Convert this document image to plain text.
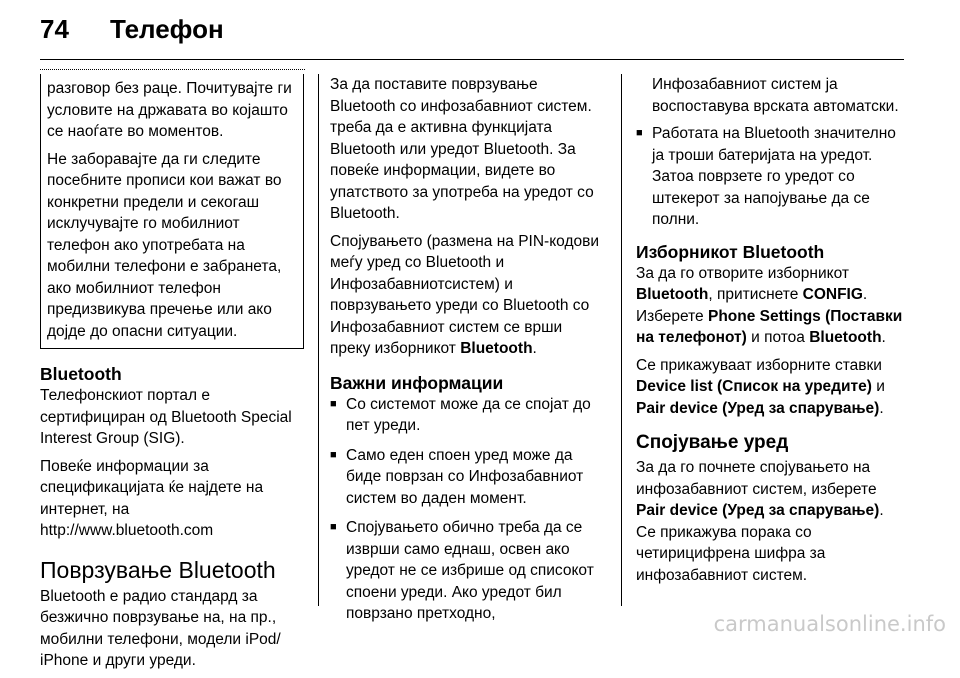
74	Телефон

разговор без раце. Почитувајте ги условите на државата во којашто се наоѓате во моментов.

Не заборавајте да ги следите посебните прописи кои важат во конкретни предели и секогаш исклучувајте го мобилниот телефон ако употребата на мобилни телефони е забранета, ако мобилниот телефон предизвикува пречење или ако дојде до опасни ситуации.

Bluetooth

Телефонскиот портал е сертифициран од Bluetooth Special Interest Group (SIG).

Повеќе информации за спецификацијата ќе најдете на интернет, на http://www.bluetooth.com

Поврзување Bluetooth

Bluetooth е радио стандард за безжично поврзување на, на пр., мобилни телефони, модели iPod/ iPhone и други уреди.

За да поставите поврзување Bluetooth со инфозабавниот систем. треба да е активна функцијата Bluetooth или уредот Bluetooth. За повеќе информации, видете во упатството за употреба на уредот со Bluetooth.

Спојувањето (размена на PIN-кодови меѓу уред со Bluetooth и Инфозабавниотсистем) и поврзувањето уреди со Bluetooth со Инфозабавниот систем се врши преку изборникот Bluetooth.

Важни информации
■ Со системот може да се спојат до пет уреди.
■ Само еден споен уред може да биде поврзан со Инфозабавниот систем во даден момент.
■ Спојувањето обично треба да се изврши само еднаш, освен ако уредот не се избрише од списокот споени уреди. Ако уредот бил поврзано претходно,

Инфозабавниот систем ја воспоставува врската автоматски.

■ Работата на Bluetooth значително ја троши батеријата на уредот. Затоа поврзете го уредот со штекерот за напојување да се полни.
Изборникот Bluetooth

За да го отворите изборникот Bluetooth, притиснете CONFIG. Изберете Phone Settings (Поставки на телефонот) и потоа Bluetooth.

Се прикажуваат изборните ставки Device list (Список на уредите) и Pair device (Уред за спарување).

Спојување уред

За да го почнете спојувањето на инфозабавниот систем, изберете Pair device (Уред за спарување). Се прикажува порака со четирицифрена шифра за инфозабавниот систем.

carmanualsonline.info
